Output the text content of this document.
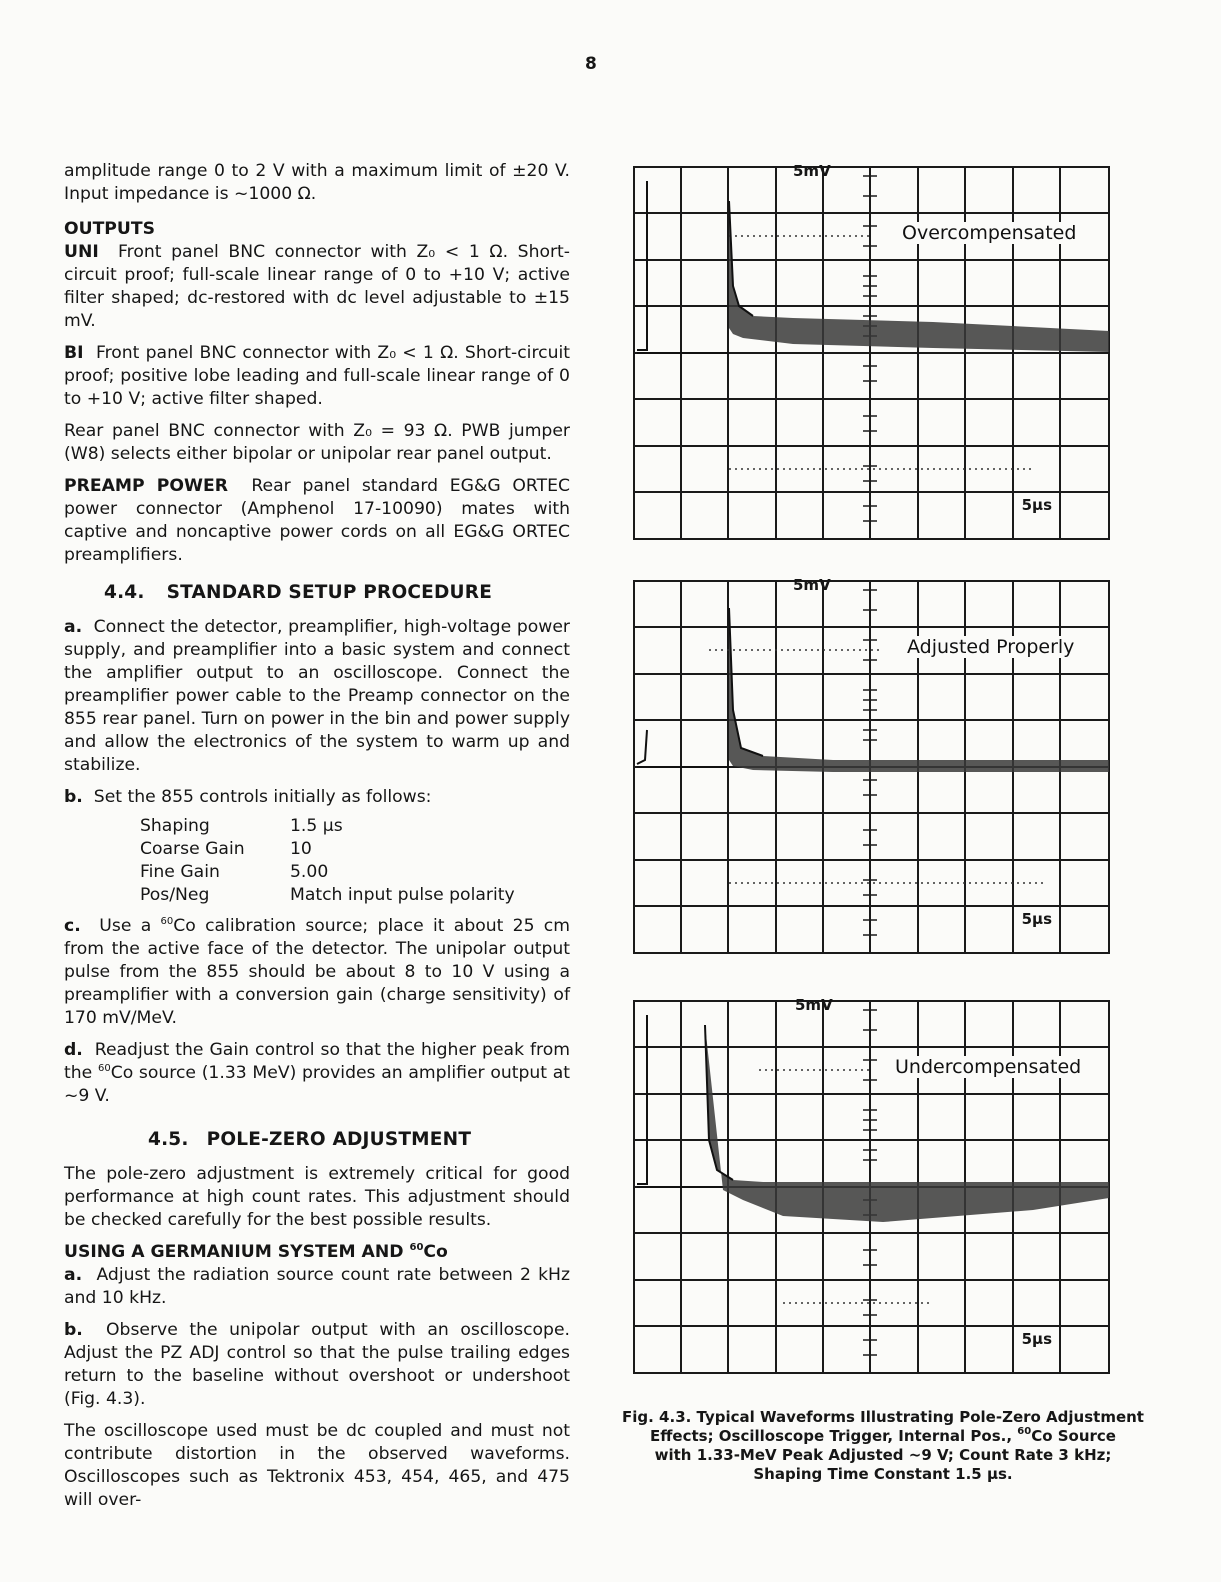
8

amplitude range 0 to 2 V with a maximum limit of ±20 V. Input impedance is ~1000 Ω.

OUTPUTS

UNI Front panel BNC connector with Z₀ < 1 Ω. Short-circuit proof; full-scale linear range of 0 to +10 V; active filter shaped; dc-restored with dc level adjustable to ±15 mV.

BI Front panel BNC connector with Z₀ < 1 Ω. Short-circuit proof; positive lobe leading and full-scale linear range of 0 to +10 V; active filter shaped.

Rear panel BNC connector with Z₀ = 93 Ω. PWB jumper (W8) selects either bipolar or unipolar rear panel output.

PREAMP POWER Rear panel standard EG&G ORTEC power connector (Amphenol 17-10090) mates with captive and noncaptive power cords on all EG&G ORTEC preamplifiers.

4.4. STANDARD SETUP PROCEDURE

a. Connect the detector, preamplifier, high-voltage power supply, and preamplifier into a basic system and connect the amplifier output to an oscilloscope. Connect the preamplifier power cable to the Preamp connector on the 855 rear panel. Turn on power in the bin and power supply and allow the electronics of the system to warm up and stabilize.

b. Set the 855 controls initially as follows:

Shaping	1.5 µs
Coarse Gain	10
Fine Gain	5.00
Pos/Neg	Match input pulse polarity

c. Use a $^{60}$Co calibration source; place it about 25 cm from the active face of the detector. The unipolar output pulse from the 855 should be about 8 to 10 V using a preamplifier with a conversion gain (charge sensitivity) of 170 mV/MeV.

d. Readjust the Gain control so that the higher peak from the $^{60}$Co source (1.33 MeV) provides an amplifier output at ~9 V.

4.5. POLE-ZERO ADJUSTMENT

The pole-zero adjustment is extremely critical for good performance at high count rates. This adjustment should be checked carefully for the best possible results.

USING A GERMANIUM SYSTEM AND $^{60}$Co

a. Adjust the radiation source count rate between 2 kHz and 10 kHz.

b. Observe the unipolar output with an oscilloscope. Adjust the PZ ADJ control so that the pulse trailing edges return to the baseline without overshoot or undershoot (Fig. 4.3).

The oscilloscope used must be dc coupled and must not contribute distortion in the observed waveforms. Oscilloscopes such as Tektronix 453, 454, 465, and 475 will over-

5mV
Overcompensated
5µs
5mV
Adjusted Properly
5µs
5mV
Undercompensated
5µs
Fig. 4.3. Typical Waveforms Illustrating Pole-Zero Adjustment
Effects; Oscilloscope Trigger, Internal Pos., $^{60}$Co Source
with 1.33-MeV Peak Adjusted ~9 V; Count Rate 3 kHz;
Shaping Time Constant 1.5 µs.
